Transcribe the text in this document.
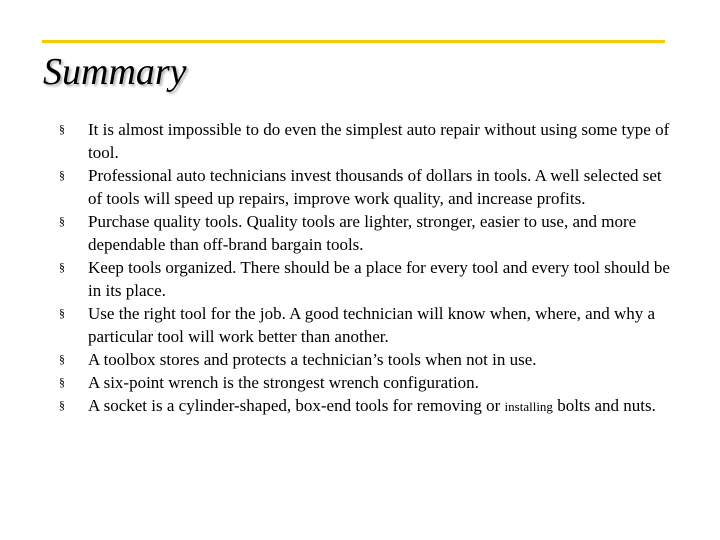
Summary
§ It is almost impossible to do even the simplest auto repair without using some type of tool.
§ Professional auto technicians invest thousands of dollars in tools. A well selected set of tools will speed up repairs, improve work quality, and increase profits.
§ Purchase quality tools. Quality tools are lighter, stronger, easier to use, and more dependable than off-brand bargain tools.
§ Keep tools organized. There should be a place for every tool and every tool should be in its place.
§ Use the right tool for the job. A good technician will know when, where, and why a particular tool will work better than another.
§ A toolbox stores and protects a technician’s tools when not in use.
§ A six-point wrench is the strongest wrench configuration.
§ A socket is a cylinder-shaped, box-end tools for removing or installing bolts and nuts.
